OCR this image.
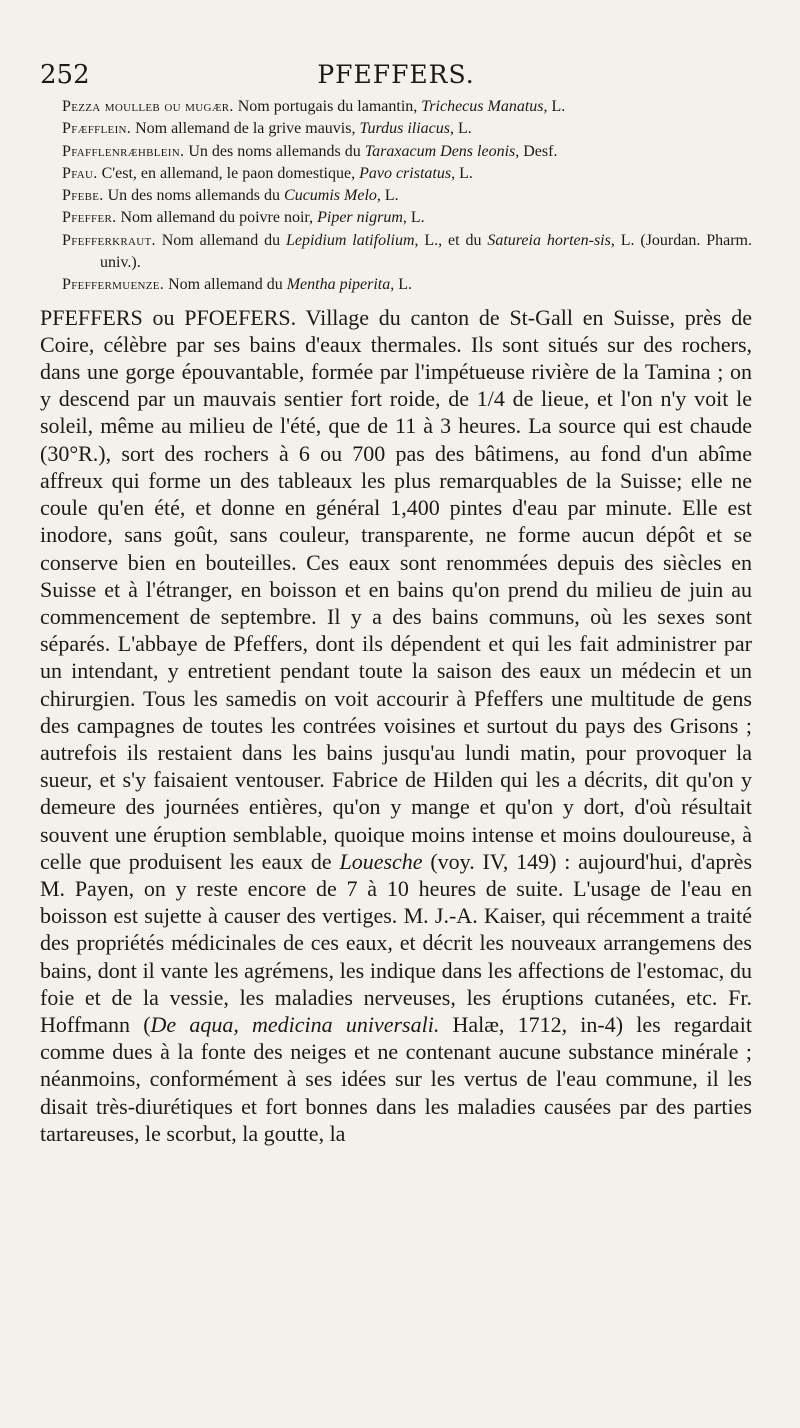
252	PFEFFERS.

Pezza moulleb ou mugær. Nom portugais du lamantin, Trichecus Manatus, L.

Pfæfflein. Nom allemand de la grive mauvis, Turdus iliacus, L.

Pfafflenræhblein. Un des noms allemands du Taraxacum Dens leonis, Desf.

Pfau. C'est, en allemand, le paon domestique, Pavo cristatus, L.

Pfebe. Un des noms allemands du Cucumis Melo, L.

Pfeffer. Nom allemand du poivre noir, Piper nigrum, L.

Pfefferkraut. Nom allemand du Lepidium latifolium, L., et du Satureia horten-sis, L. (Jourdan. Pharm. univ.).

Pfeffermuenze. Nom allemand du Mentha piperita, L.

PFEFFERS ou PFOEFERS. Village du canton de St-Gall en Suisse, près de Coire, célèbre par ses bains d'eaux thermales. Ils sont situés sur des rochers, dans une gorge épouvantable, formée par l'impétueuse rivière de la Tamina ; on y descend par un mauvais sentier fort roide, de 1/4 de lieue, et l'on n'y voit le soleil, même au milieu de l'été, que de 11 à 3 heures. La source qui est chaude (30°R.), sort des rochers à 6 ou 700 pas des bâtimens, au fond d'un abîme affreux qui forme un des tableaux les plus remarquables de la Suisse; elle ne coule qu'en été, et donne en général 1,400 pintes d'eau par minute. Elle est inodore, sans goût, sans couleur, transparente, ne forme aucun dépôt et se conserve bien en bouteilles. Ces eaux sont renommées depuis des siècles en Suisse et à l'étranger, en boisson et en bains qu'on prend du milieu de juin au commencement de septembre. Il y a des bains communs, où les sexes sont séparés. L'abbaye de Pfeffers, dont ils dépendent et qui les fait administrer par un intendant, y entretient pendant toute la saison des eaux un médecin et un chirurgien. Tous les samedis on voit accourir à Pfeffers une multitude de gens des campagnes de toutes les contrées voisines et surtout du pays des Grisons ; autrefois ils restaient dans les bains jusqu'au lundi matin, pour provoquer la sueur, et s'y faisaient ventouser. Fabrice de Hilden qui les a décrits, dit qu'on y demeure des journées entières, qu'on y mange et qu'on y dort, d'où résultait souvent une éruption semblable, quoique moins intense et moins douloureuse, à celle que produisent les eaux de Louesche (voy. IV, 149) : aujourd'hui, d'après M. Payen, on y reste encore de 7 à 10 heures de suite. L'usage de l'eau en boisson est sujette à causer des vertiges. M. J.-A. Kaiser, qui récemment a traité des propriétés médicinales de ces eaux, et décrit les nouveaux arrangemens des bains, dont il vante les agrémens, les indique dans les affections de l'estomac, du foie et de la vessie, les maladies nerveuses, les éruptions cutanées, etc. Fr. Hoffmann (De aqua, medicina universali. Halæ, 1712, in-4) les regardait comme dues à la fonte des neiges et ne contenant aucune substance minérale ; néanmoins, conformément à ses idées sur les vertus de l'eau commune, il les disait très-diurétiques et fort bonnes dans les maladies causées par des parties tartareuses, le scorbut, la goutte, la
